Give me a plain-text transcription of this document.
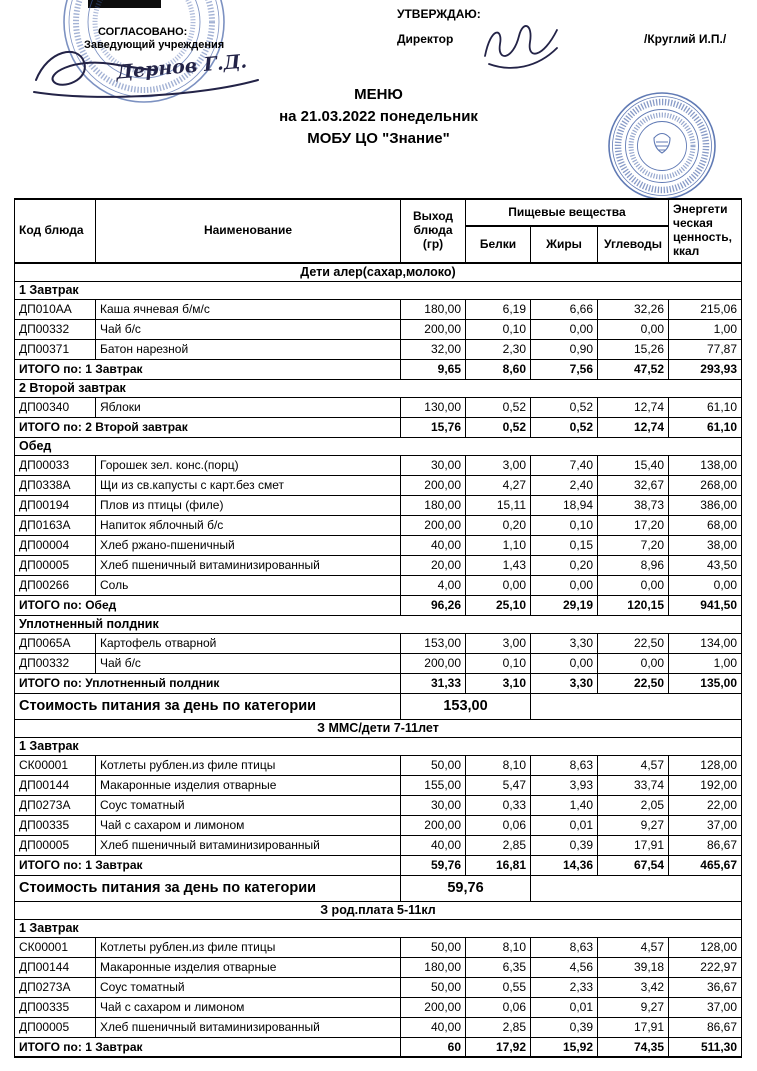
СОГЛАСОВАНО:
Заведующий учреждения
Дернов Г.Д.
УТВЕРЖДАЮ:
Директор	/Круглий И.П./
МЕНЮ
на 21.03.2022 понедельник
МОБУ ЦО "Знание"
Код блюда	Наименование	Выход блюда (гр)	Пищевые вещества			Энергети ческая ценность, ккал
			Белки	Жиры	Углеводы	
Дети алер(сахар,молоко)						
1 Завтрак						
ДП010АА	Каша ячневая б/м/с	180,00	6,19	6,66	32,26	215,06
ДП00332	Чай б/с	200,00	0,10	0,00	0,00	1,00
ДП00371	Батон нарезной	32,00	2,30	0,90	15,26	77,87
ИТОГО по: 1 Завтрак		9,65	8,60	7,56	47,52	293,93
2 Второй завтрак						
ДП00340	Яблоки	130,00	0,52	0,52	12,74	61,10
ИТОГО по: 2 Второй завтрак		15,76	0,52	0,52	12,74	61,10
Обед						
ДП00033	Горошек зел. конс.(порц)	30,00	3,00	7,40	15,40	138,00
ДП0338А	Щи из св.капусты с карт.без смет	200,00	4,27	2,40	32,67	268,00
ДП00194	Плов из птицы (филе)	180,00	15,11	18,94	38,73	386,00
ДП0163А	Напиток яблочный б/с	200,00	0,20	0,10	17,20	68,00
ДП00004	Хлеб ржано-пшеничный	40,00	1,10	0,15	7,20	38,00
ДП00005	Хлеб пшеничный витаминизированный	20,00	1,43	0,20	8,96	43,50
ДП00266	Соль	4,00	0,00	0,00	0,00	0,00
ИТОГО по: Обед		96,26	25,10	29,19	120,15	941,50
Уплотненный полдник						
ДП0065А	Картофель отварной	153,00	3,00	3,30	22,50	134,00
ДП00332	Чай б/с	200,00	0,10	0,00	0,00	1,00
ИТОГО по: Уплотненный полдник		31,33	3,10	3,30	22,50	135,00
Стоимость питания за день по категории		153,00				
З ММС/дети 7-11лет						
1 Завтрак						
СК00001	Котлеты рублен.из филе птицы	50,00	8,10	8,63	4,57	128,00
ДП00144	Макаронные изделия отварные	155,00	5,47	3,93	33,74	192,00
ДП0273А	Соус томатный	30,00	0,33	1,40	2,05	22,00
ДП00335	Чай с сахаром и лимоном	200,00	0,06	0,01	9,27	37,00
ДП00005	Хлеб пшеничный витаминизированный	40,00	2,85	0,39	17,91	86,67
ИТОГО по: 1 Завтрак		59,76	16,81	14,36	67,54	465,67
Стоимость питания за день по категории		59,76				
З род.плата 5-11кл						
1 Завтрак						
СК00001	Котлеты рублен.из филе птицы	50,00	8,10	8,63	4,57	128,00
ДП00144	Макаронные изделия отварные	180,00	6,35	4,56	39,18	222,97
ДП0273А	Соус томатный	50,00	0,55	2,33	3,42	36,67
ДП00335	Чай с сахаром и лимоном	200,00	0,06	0,01	9,27	37,00
ДП00005	Хлеб пшеничный витаминизированный	40,00	2,85	0,39	17,91	86,67
ИТОГО по: 1 Завтрак		60	17,92	15,92	74,35	511,30
